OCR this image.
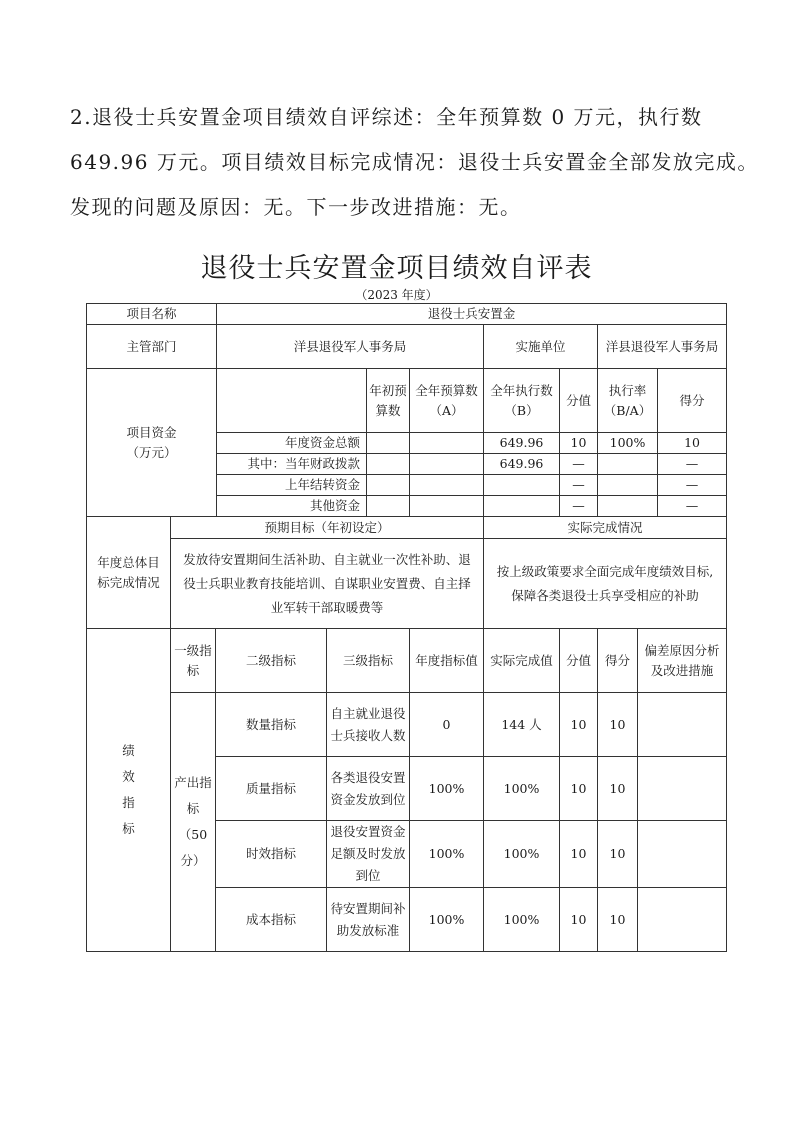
2.退役士兵安置金项目绩效自评综述：全年预算数 0 万元，执行数
649.96 万元。项目绩效目标完成情况：退役士兵安置金全部发放完成。
发现的问题及原因：无。下一步改进措施：无。
退役士兵安置金项目绩效自评表
（2023 年度）
项目名称	退役士兵安置金						
主管部门	洋县退役军人事务局			实施单位		洋县退役军人事务局	
项目资金
（万元）		年初预算数	全年预算数（A）	全年执行数（B）	分值	执行率（B/A）	得分
	年度资金总额			649.96	10	100%	10
	其中：当年财政拨款			649.96	—		—
	上年结转资金				—		—
	其他资金				—		—
年度总体目标完成情况	预期目标（年初设定）	实际完成情况
	发放待安置期间生活补助、自主就业一次性补助、退役士兵职业教育技能培训、自谋职业安置费、自主择业军转干部取暖费等	按上级政策要求全面完成年度绩效目标,保障各类退役士兵享受相应的补助
绩效指标	一级指标	二级指标	三级指标	年度指标值	实际完成值	分值	得分	偏差原因分析及改进措施
	产出指标（50分）	数量指标	自主就业退役士兵接收人数	0	144 人	10	10	
		质量指标	各类退役安置资金发放到位	100%	100%	10	10	
		时效指标	退役安置资金足额及时发放到位	100%	100%	10	10	
		成本指标	待安置期间补助发放标准	100%	100%	10	10	
